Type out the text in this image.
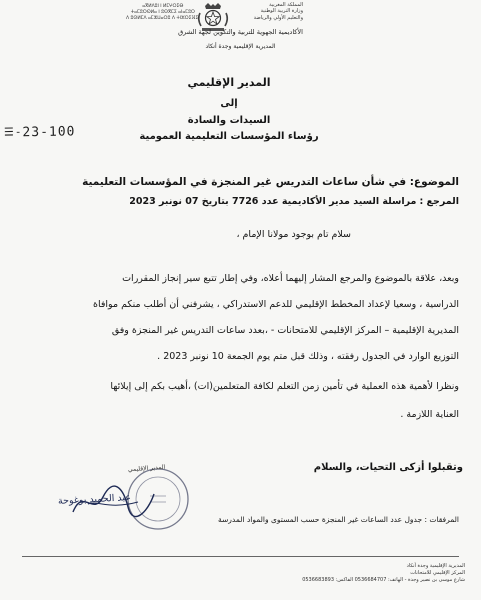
المملكة المغربية
وزارة التربية الوطنية
والتعليم الأولي والرياضة
ⴰⴳⵍⴷⵓⵏ ⵏ ⵍⵎⵖⵔⵉⴱ
ⵜⴰⵎⵓⵔⵙⵍⴰ ⵏ ⵓⵙⴳⵎⵉ ⴰⵏⴰⵎⵓⵔ
ⴷ ⵓⵙⵍⵎⴷ ⴰⵎⵣⵡⴰⵔⵓ ⴷ ⵜⵏⵣⵔⵉⴼⵉⵏ
الأكاديمية الجهوية للتربية والتكوين لجهة الشرق
المديرية الإقليمية وجدة أنكاد
المدير الإقليمي
إلى
السيدات والسادة
رؤساء المؤسسات التعليمية العمومية
☰-23-100
الموضوع: في شأن ساعات التدريس غير المنجزة في المؤسسات التعليمية
المرجع : مراسلة السيد مدير الأكاديمية عدد 7726 بتاريخ 07 نونبر 2023
سلام تام بوجود مولانا الإمام ،
وبعد، علاقة بالموضوع والمرجع المشار إليهما أعلاه، وفي إطار تتبع سير إنجاز المقررات
الدراسية ، وسعيا لإعداد المخطط الإقليمي للدعم الاستدراكي ، يشرفني أن أطلب منكم موافاة
المديرية الإقليمية – المركز الإقليمي للامتحانات - ،بعدد ساعات التدريس غير المنجزة وفق
التوزيع الوارد في الجدول رفقته ، وذلك قبل متم يوم الجمعة 10 نونبر 2023 .
ونظرا لأهمية هذه العملية في تأمين زمن التعلم لكافة المتعلمين(ات) ،أهيب بكم إلى إيلائها
العناية اللازمة .
وتقبلوا أزكى التحيات، والسلام
المدير الإقليمي
عبد الحميد بوغوحة
المرفقات : جدول عدد الساعات غير المنجزة حسب المستوى والمواد المدرسة
المديرية الإقليمية وجدة أنكاد
المركز الإقليمي للامتحانات
شارع موسى بن نصير وجدة - الهاتف: 0536684707 الفاكس: 0536683893
